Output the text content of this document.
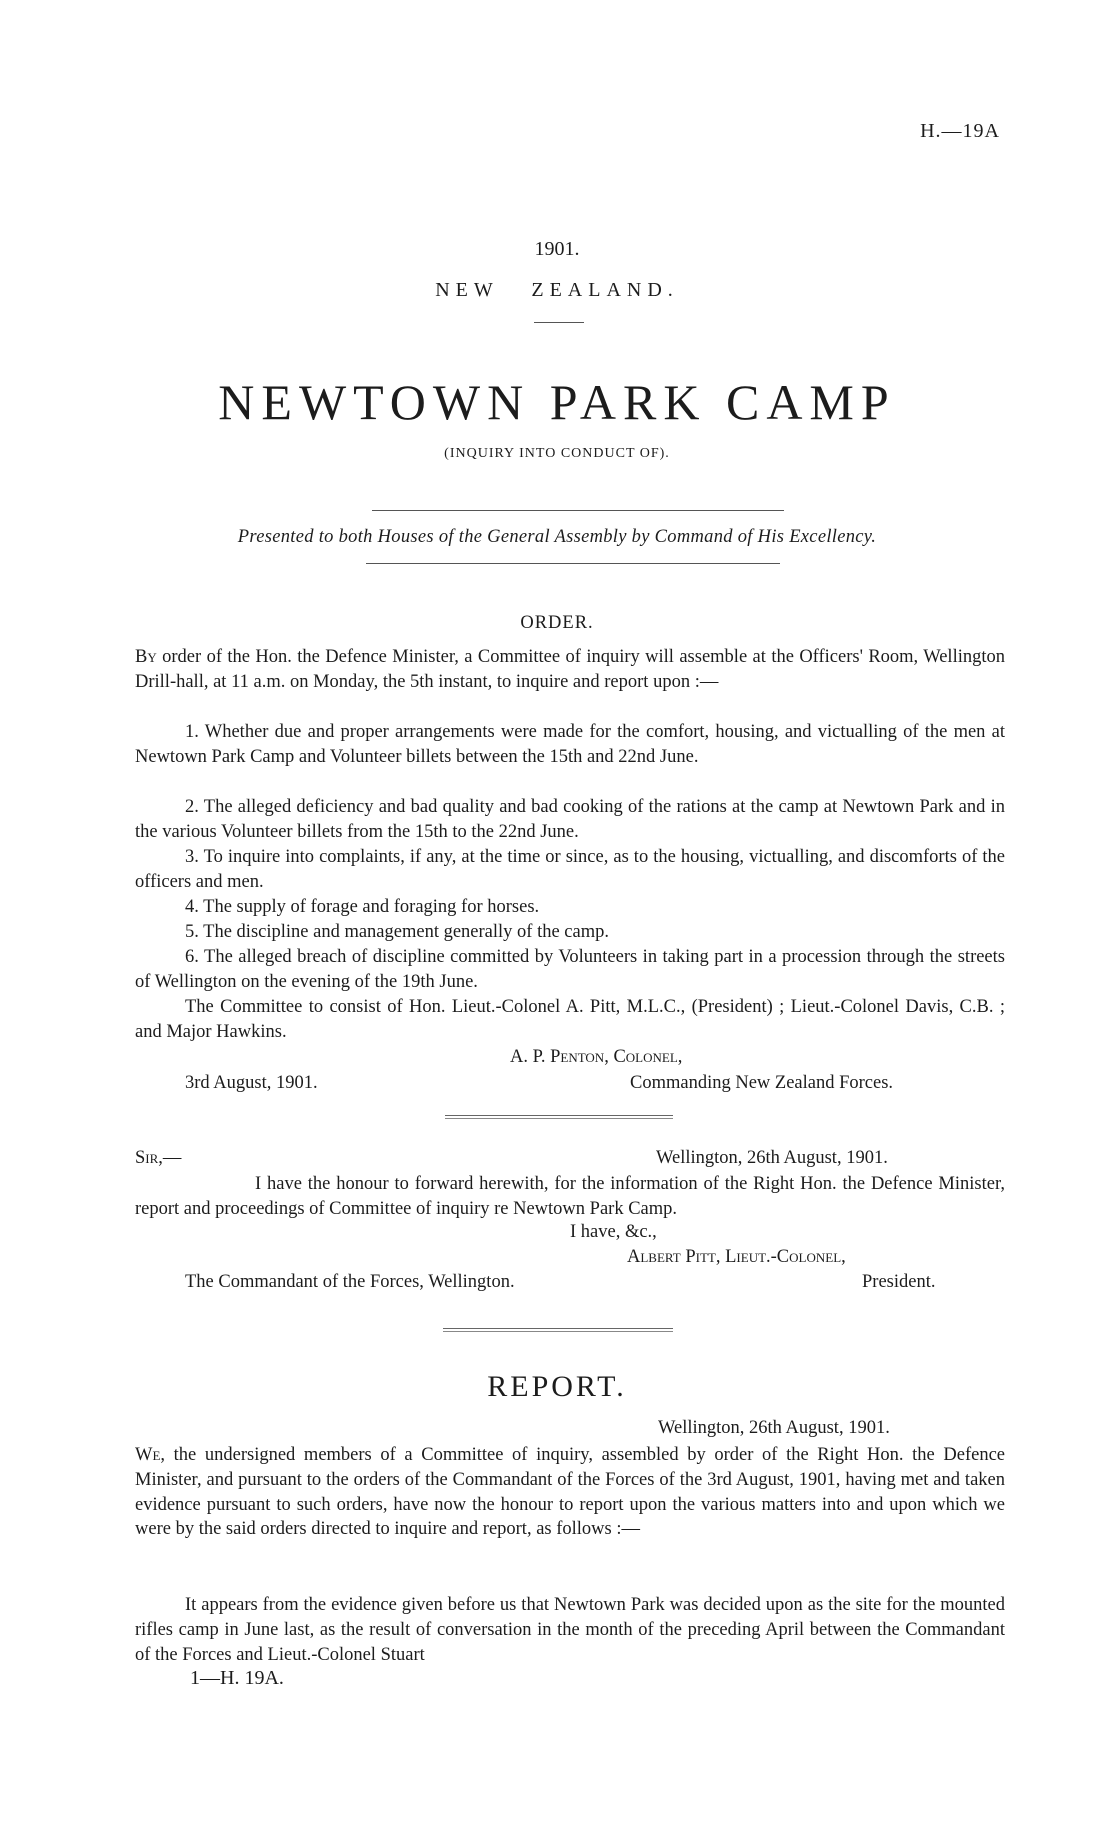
H.—19A
1901.
NEW   ZEALAND.
NEWTOWN PARK CAMP
(INQUIRY INTO CONDUCT OF).
Presented to both Houses of the General Assembly by Command of His Excellency.
ORDER.
By order of the Hon. the Defence Minister, a Committee of inquiry will assemble at the Officers' Room, Wellington Drill-hall, at 11 a.m. on Monday, the 5th instant, to inquire and report upon :—
1. Whether due and proper arrangements were made for the comfort, housing, and victualling of the men at Newtown Park Camp and Volunteer billets between the 15th and 22nd June.
2. The alleged deficiency and bad quality and bad cooking of the rations at the camp at Newtown Park and in the various Volunteer billets from the 15th to the 22nd June.
3. To inquire into complaints, if any, at the time or since, as to the housing, victualling, and discomforts of the officers and men.
4. The supply of forage and foraging for horses.
5. The discipline and management generally of the camp.
6. The alleged breach of discipline committed by Volunteers in taking part in a procession through the streets of Wellington on the evening of the 19th June.
The Committee to consist of Hon. Lieut.-Colonel A. Pitt, M.L.C., (President) ; Lieut.-Colonel Davis, C.B. ; and Major Hawkins.
A. P. Penton, Colonel,
3rd August, 1901.	Commanding New Zealand Forces.
Sir,—	Wellington, 26th August, 1901.
I have the honour to forward herewith, for the information of the Right Hon. the Defence Minister, report and proceedings of Committee of inquiry re Newtown Park Camp.
I have, &c.,
Albert Pitt, Lieut.-Colonel,
The Commandant of the Forces, Wellington.	President.
REPORT.
Wellington, 26th August, 1901.
We, the undersigned members of a Committee of inquiry, assembled by order of the Right Hon. the Defence Minister, and pursuant to the orders of the Commandant of the Forces of the 3rd August, 1901, having met and taken evidence pursuant to such orders, have now the honour to report upon the various matters into and upon which we were by the said orders directed to inquire and report, as follows :—
It appears from the evidence given before us that Newtown Park was decided upon as the site for the mounted rifles camp in June last, as the result of conversation in the month of the preceding April between the Commandant of the Forces and Lieut.-Colonel Stuart
1—H. 19A.
